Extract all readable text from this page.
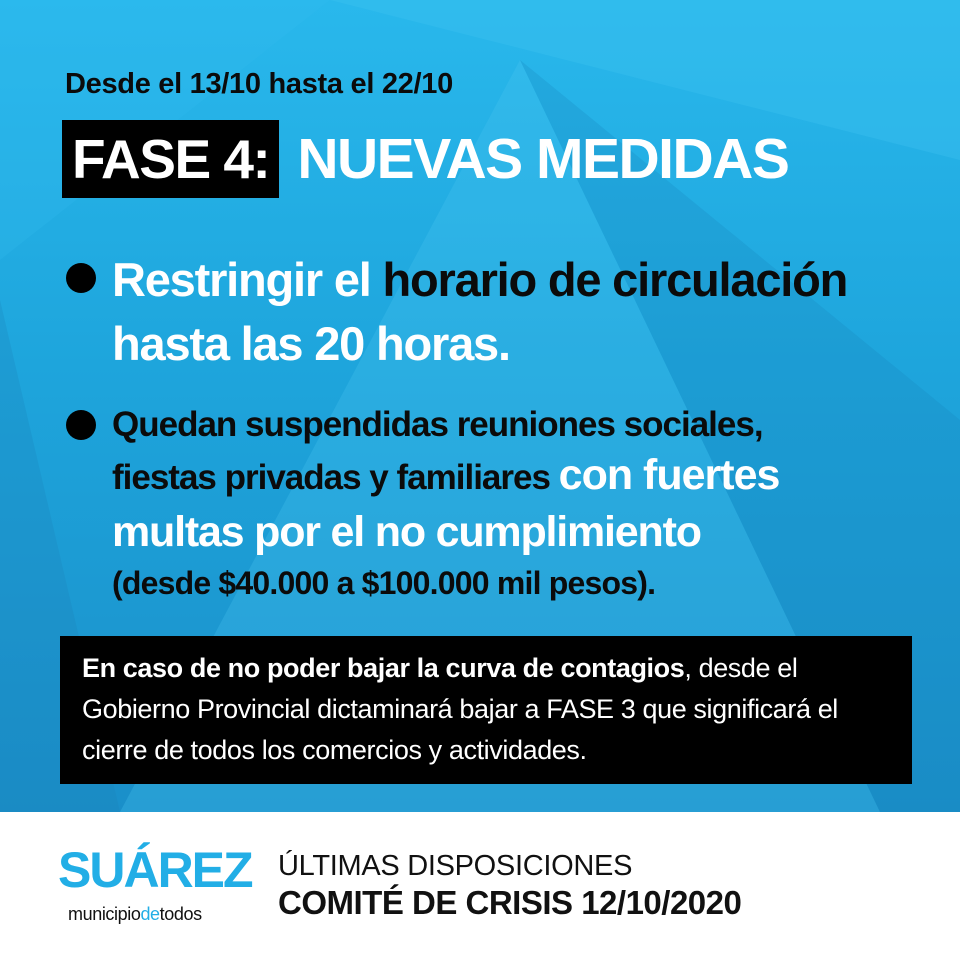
Desde el 13/10 hasta el 22/10
FASE 4: NUEVAS MEDIDAS
Restringir el horario de circulación
hasta las 20 horas.
Quedan suspendidas reuniones sociales,
fiestas privadas y familiares con fuertes
multas por el no cumplimiento
(desde $40.000 a $100.000 mil pesos).
En caso de no poder bajar la curva de contagios, desde el Gobierno Provincial dictaminará bajar a FASE 3 que significará el cierre de todos los comercios y actividades.
SUÁREZ
municipiodetodos
ÚLTIMAS DISPOSICIONES
COMITÉ DE CRISIS 12/10/2020
